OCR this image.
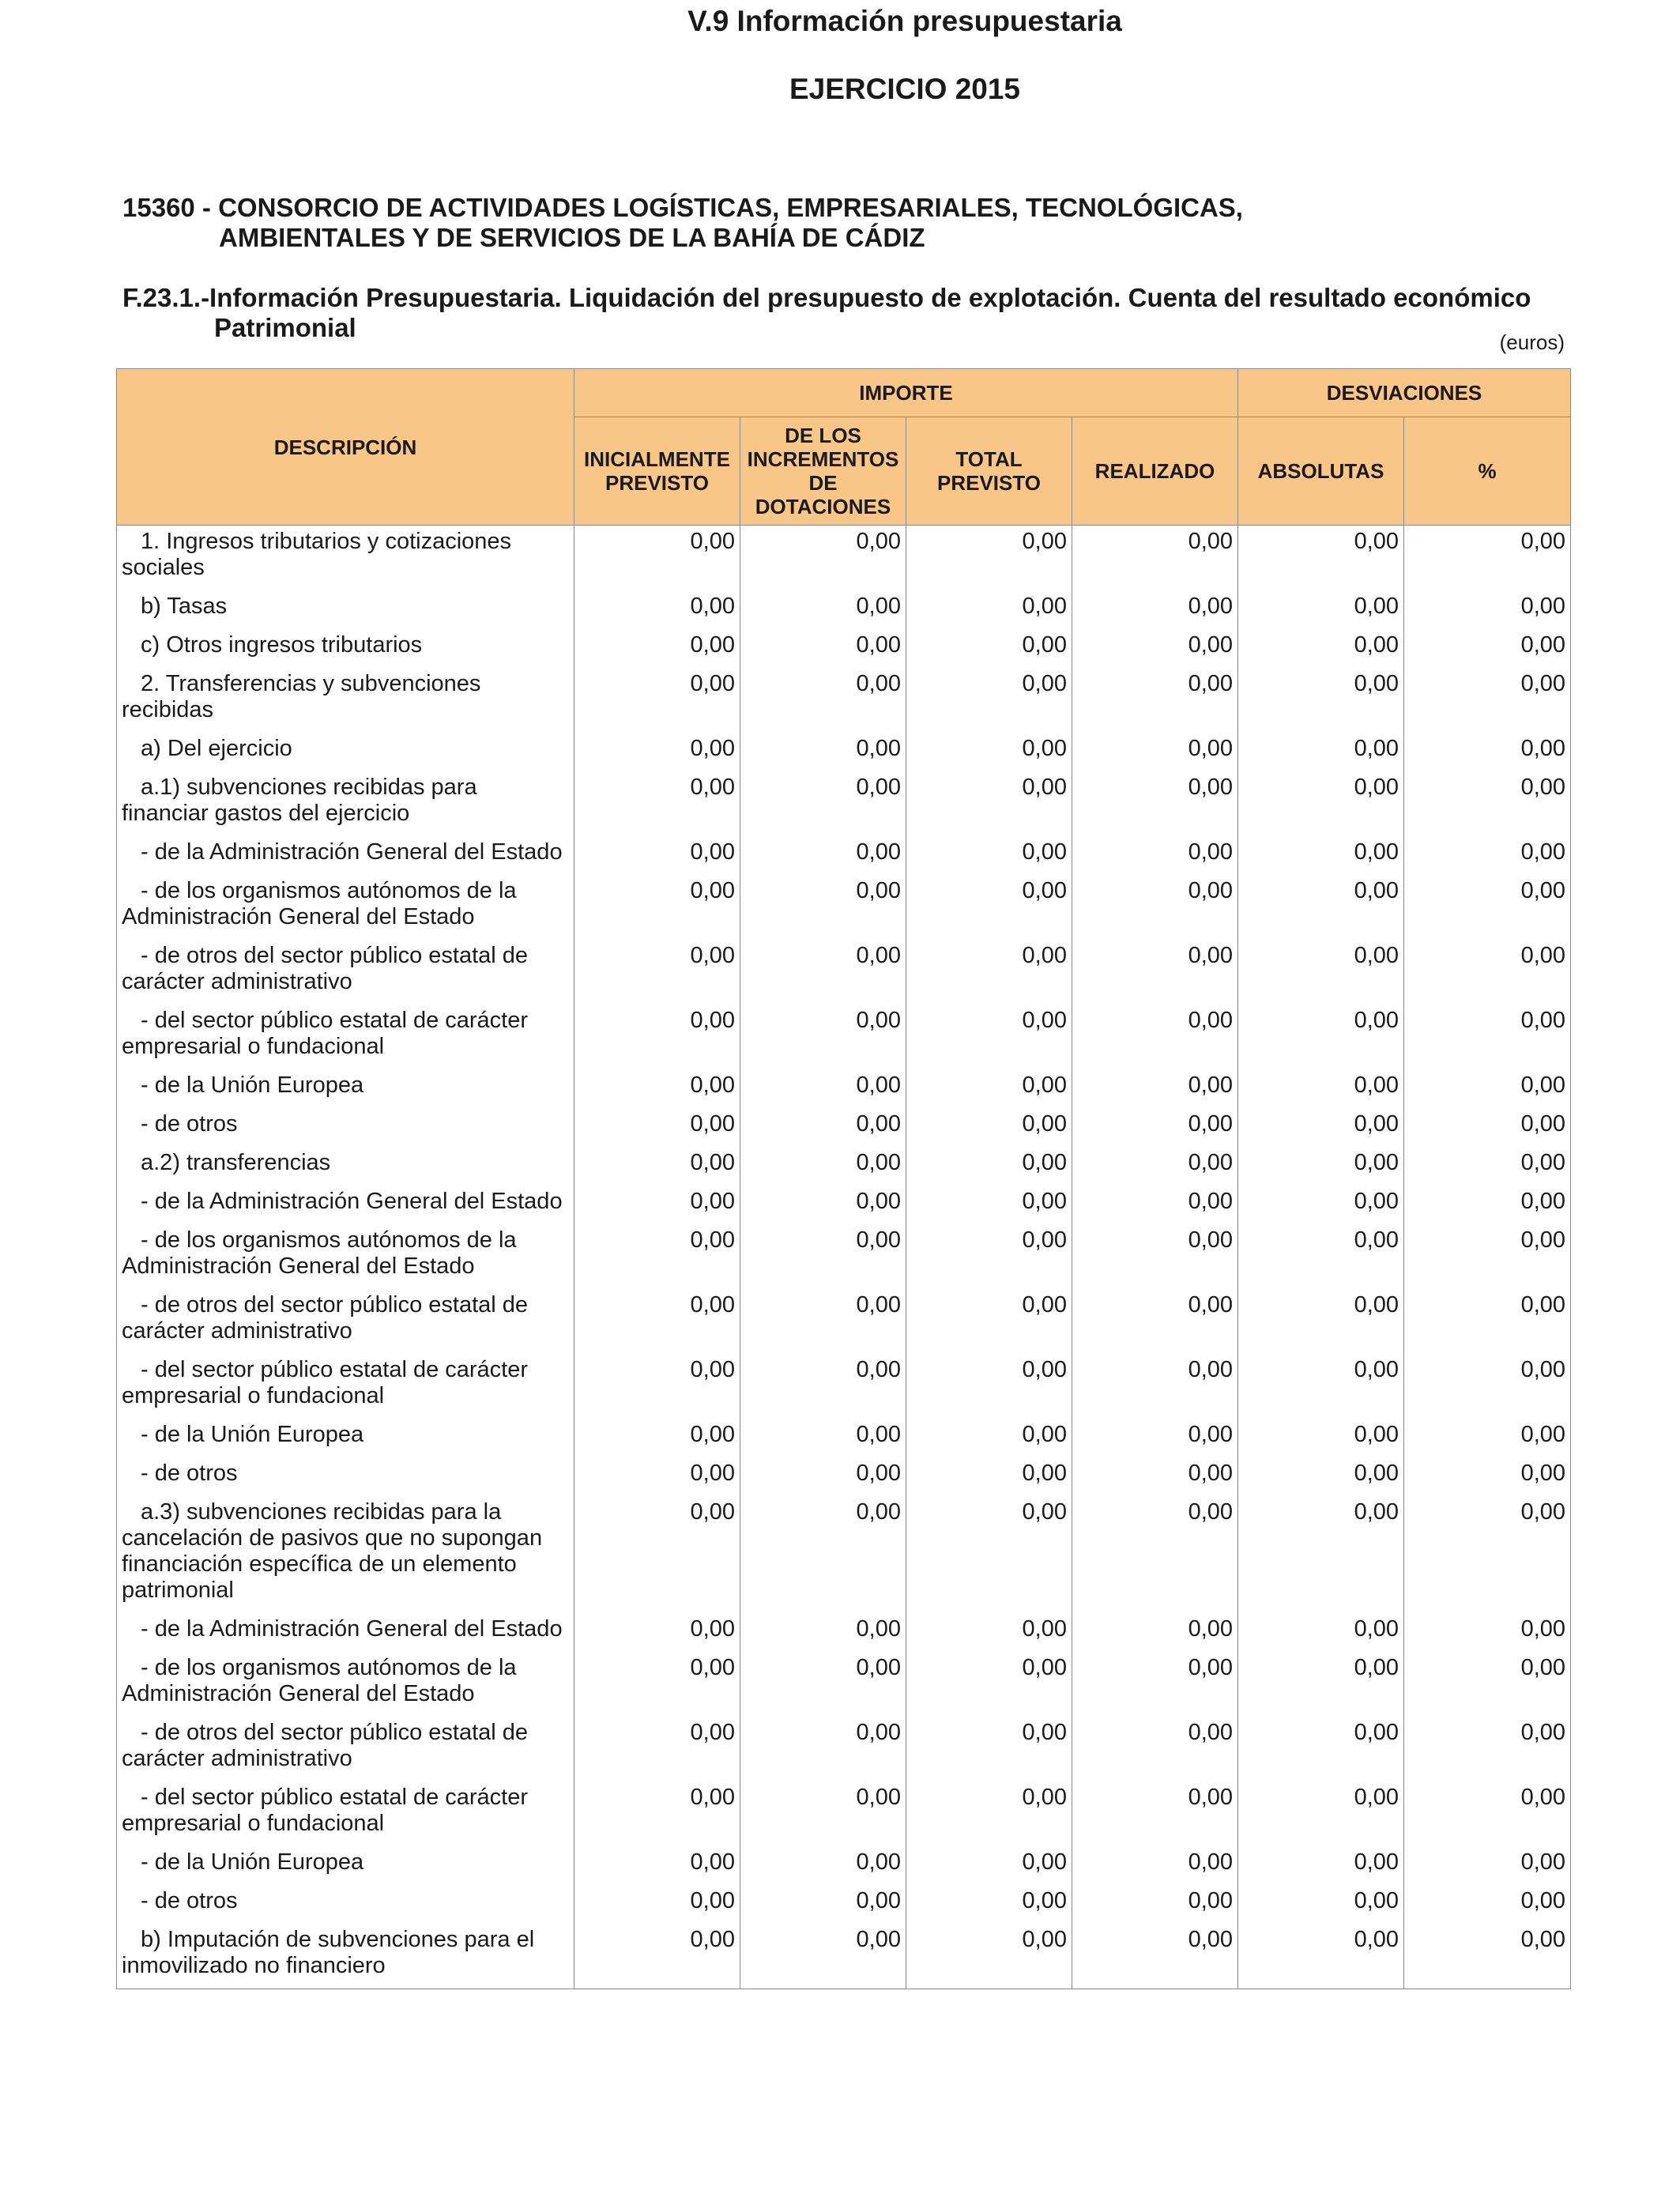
V.9 Información presupuestaria
EJERCICIO 2015
15360 - CONSORCIO DE ACTIVIDADES LOGÍSTICAS, EMPRESARIALES, TECNOLÓGICAS,
AMBIENTALES Y DE SERVICIOS DE LA BAHÍA DE CÁDIZ
F.23.1.-Información Presupuestaria. Liquidación del presupuesto de explotación. Cuenta del resultado económico
Patrimonial	(euros)
DESCRIPCIÓN	IMPORTE				DESVIACIONES	
	INICIALMENTE PREVISTO	DE LOS INCREMENTOS DE DOTACIONES	TOTAL PREVISTO	REALIZADO	ABSOLUTAS	%

1. Ingresos tributarios y cotizaciones sociales	0,00	0,00	0,00	0,00	0,00	0,00

b) Tasas	0,00	0,00	0,00	0,00	0,00	0,00

c) Otros ingresos tributarios	0,00	0,00	0,00	0,00	0,00	0,00

2. Transferencias y subvenciones recibidas	0,00	0,00	0,00	0,00	0,00	0,00

a) Del ejercicio	0,00	0,00	0,00	0,00	0,00	0,00

a.1) subvenciones recibidas para financiar gastos del ejercicio	0,00	0,00	0,00	0,00	0,00	0,00

- de la Administración General del Estado	0,00	0,00	0,00	0,00	0,00	0,00

- de los organismos autónomos de la Administración General del Estado	0,00	0,00	0,00	0,00	0,00	0,00

- de otros del sector público estatal de carácter administrativo	0,00	0,00	0,00	0,00	0,00	0,00

- del sector público estatal de carácter empresarial o fundacional	0,00	0,00	0,00	0,00	0,00	0,00

- de la Unión Europea	0,00	0,00	0,00	0,00	0,00	0,00

- de otros	0,00	0,00	0,00	0,00	0,00	0,00

a.2) transferencias	0,00	0,00	0,00	0,00	0,00	0,00

- de la Administración General del Estado	0,00	0,00	0,00	0,00	0,00	0,00

- de los organismos autónomos de la Administración General del Estado	0,00	0,00	0,00	0,00	0,00	0,00

- de otros del sector público estatal de carácter administrativo	0,00	0,00	0,00	0,00	0,00	0,00

- del sector público estatal de carácter empresarial o fundacional	0,00	0,00	0,00	0,00	0,00	0,00

- de la Unión Europea	0,00	0,00	0,00	0,00	0,00	0,00

- de otros	0,00	0,00	0,00	0,00	0,00	0,00

a.3) subvenciones recibidas para la cancelación de pasivos que no supongan financiación específica de un elemento patrimonial	0,00	0,00	0,00	0,00	0,00	0,00

- de la Administración General del Estado	0,00	0,00	0,00	0,00	0,00	0,00

- de los organismos autónomos de la Administración General del Estado	0,00	0,00	0,00	0,00	0,00	0,00

- de otros del sector público estatal de carácter administrativo	0,00	0,00	0,00	0,00	0,00	0,00

- del sector público estatal de carácter empresarial o fundacional	0,00	0,00	0,00	0,00	0,00	0,00

- de la Unión Europea	0,00	0,00	0,00	0,00	0,00	0,00

- de otros	0,00	0,00	0,00	0,00	0,00	0,00

b) Imputación de subvenciones para el inmovilizado no financiero	0,00	0,00	0,00	0,00	0,00	0,00
